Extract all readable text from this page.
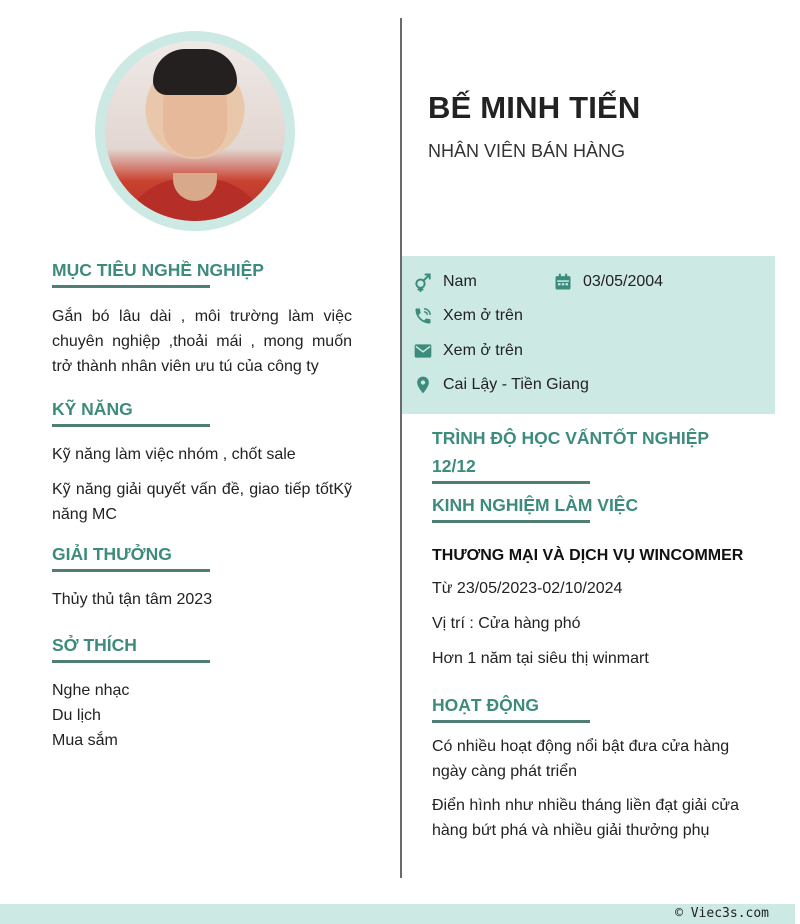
MỤC TIÊU NGHỀ NGHIỆP

Gắn bó lâu dài , môi trường làm việc chuyên nghiệp ,thoải mái , mong muốn trở thành nhân viên ưu tú của công ty

KỸ NĂNG

Kỹ năng làm việc nhóm , chốt sale

Kỹ năng giải quyết vấn đề, giao tiếp tốtKỹ năng MC

GIẢI THƯỞNG

Thủy thủ tận tâm 2023

SỞ THÍCH

Nghe nhạc

Du lịch

Mua sắm

BẾ MINH TIẾN

NHÂN VIÊN BÁN HÀNG

Nam	03/05/2004
Xem ở trên
Xem ở trên
Cai Lậy - Tiền Giang
TRÌNH ĐỘ HỌC VẤNTỐT NGHIỆP 12/12
KINH NGHIỆM LÀM VIỆC

THƯƠNG MẠI VÀ DỊCH VỤ WINCOMMER

Từ 23/05/2023-02/10/2024

Vị trí : Cửa hàng phó

Hơn 1 năm tại siêu thị winmart

HOẠT ĐỘNG

Có nhiều hoạt động nổi bật đưa cửa hàng ngày càng phát triển

Điển hình như nhiều tháng liền đạt giải cửa hàng bứt phá và nhiều giải thưởng phụ

© Viec3s.com
